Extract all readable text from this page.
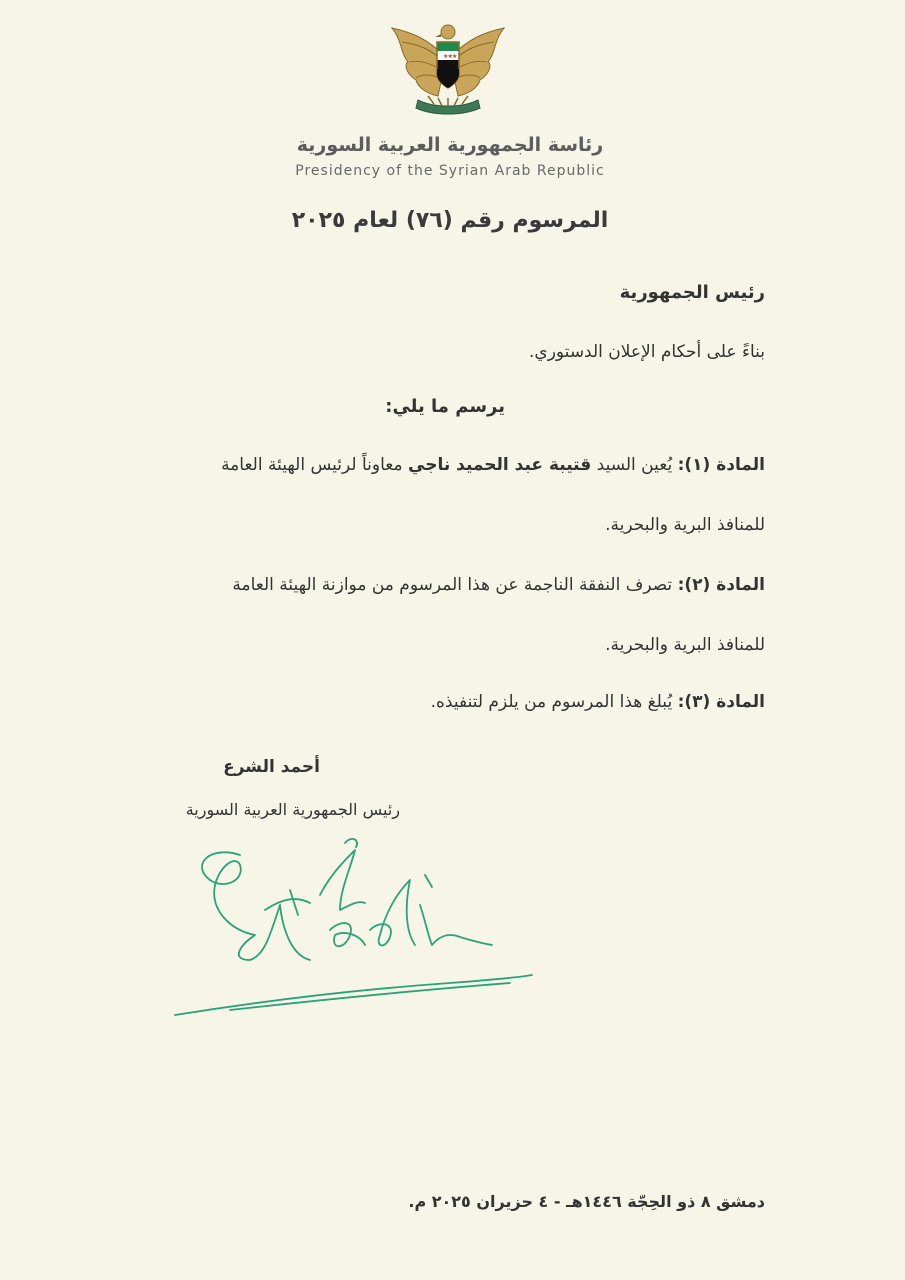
★ ★ ★
رئاسة الجمهورية العربية السورية
Presidency of the Syrian Arab Republic
المرسوم رقم (٧٦) لعام ٢٠٢٥
رئيس الجمهورية
بناءً على أحكام الإعلان الدستوري.
يرسم ما يلي:
المادة (١): يُعين السيد قتيبة عبد الحميد ناجي معاوناً لرئيس الهيئة العامة
للمنافذ البرية والبحرية.
المادة (٢): تصرف النفقة الناجمة عن هذا المرسوم من موازنة الهيئة العامة
للمنافذ البرية والبحرية.
المادة (٣): يُبلغ هذا المرسوم من يلزم لتنفيذه.
أحمد الشرع
رئيس الجمهورية العربية السورية
دمشق ٨ ذو الحِجّة ١٤٤٦هـ - ٤ حزيران ٢٠٢٥ م.
